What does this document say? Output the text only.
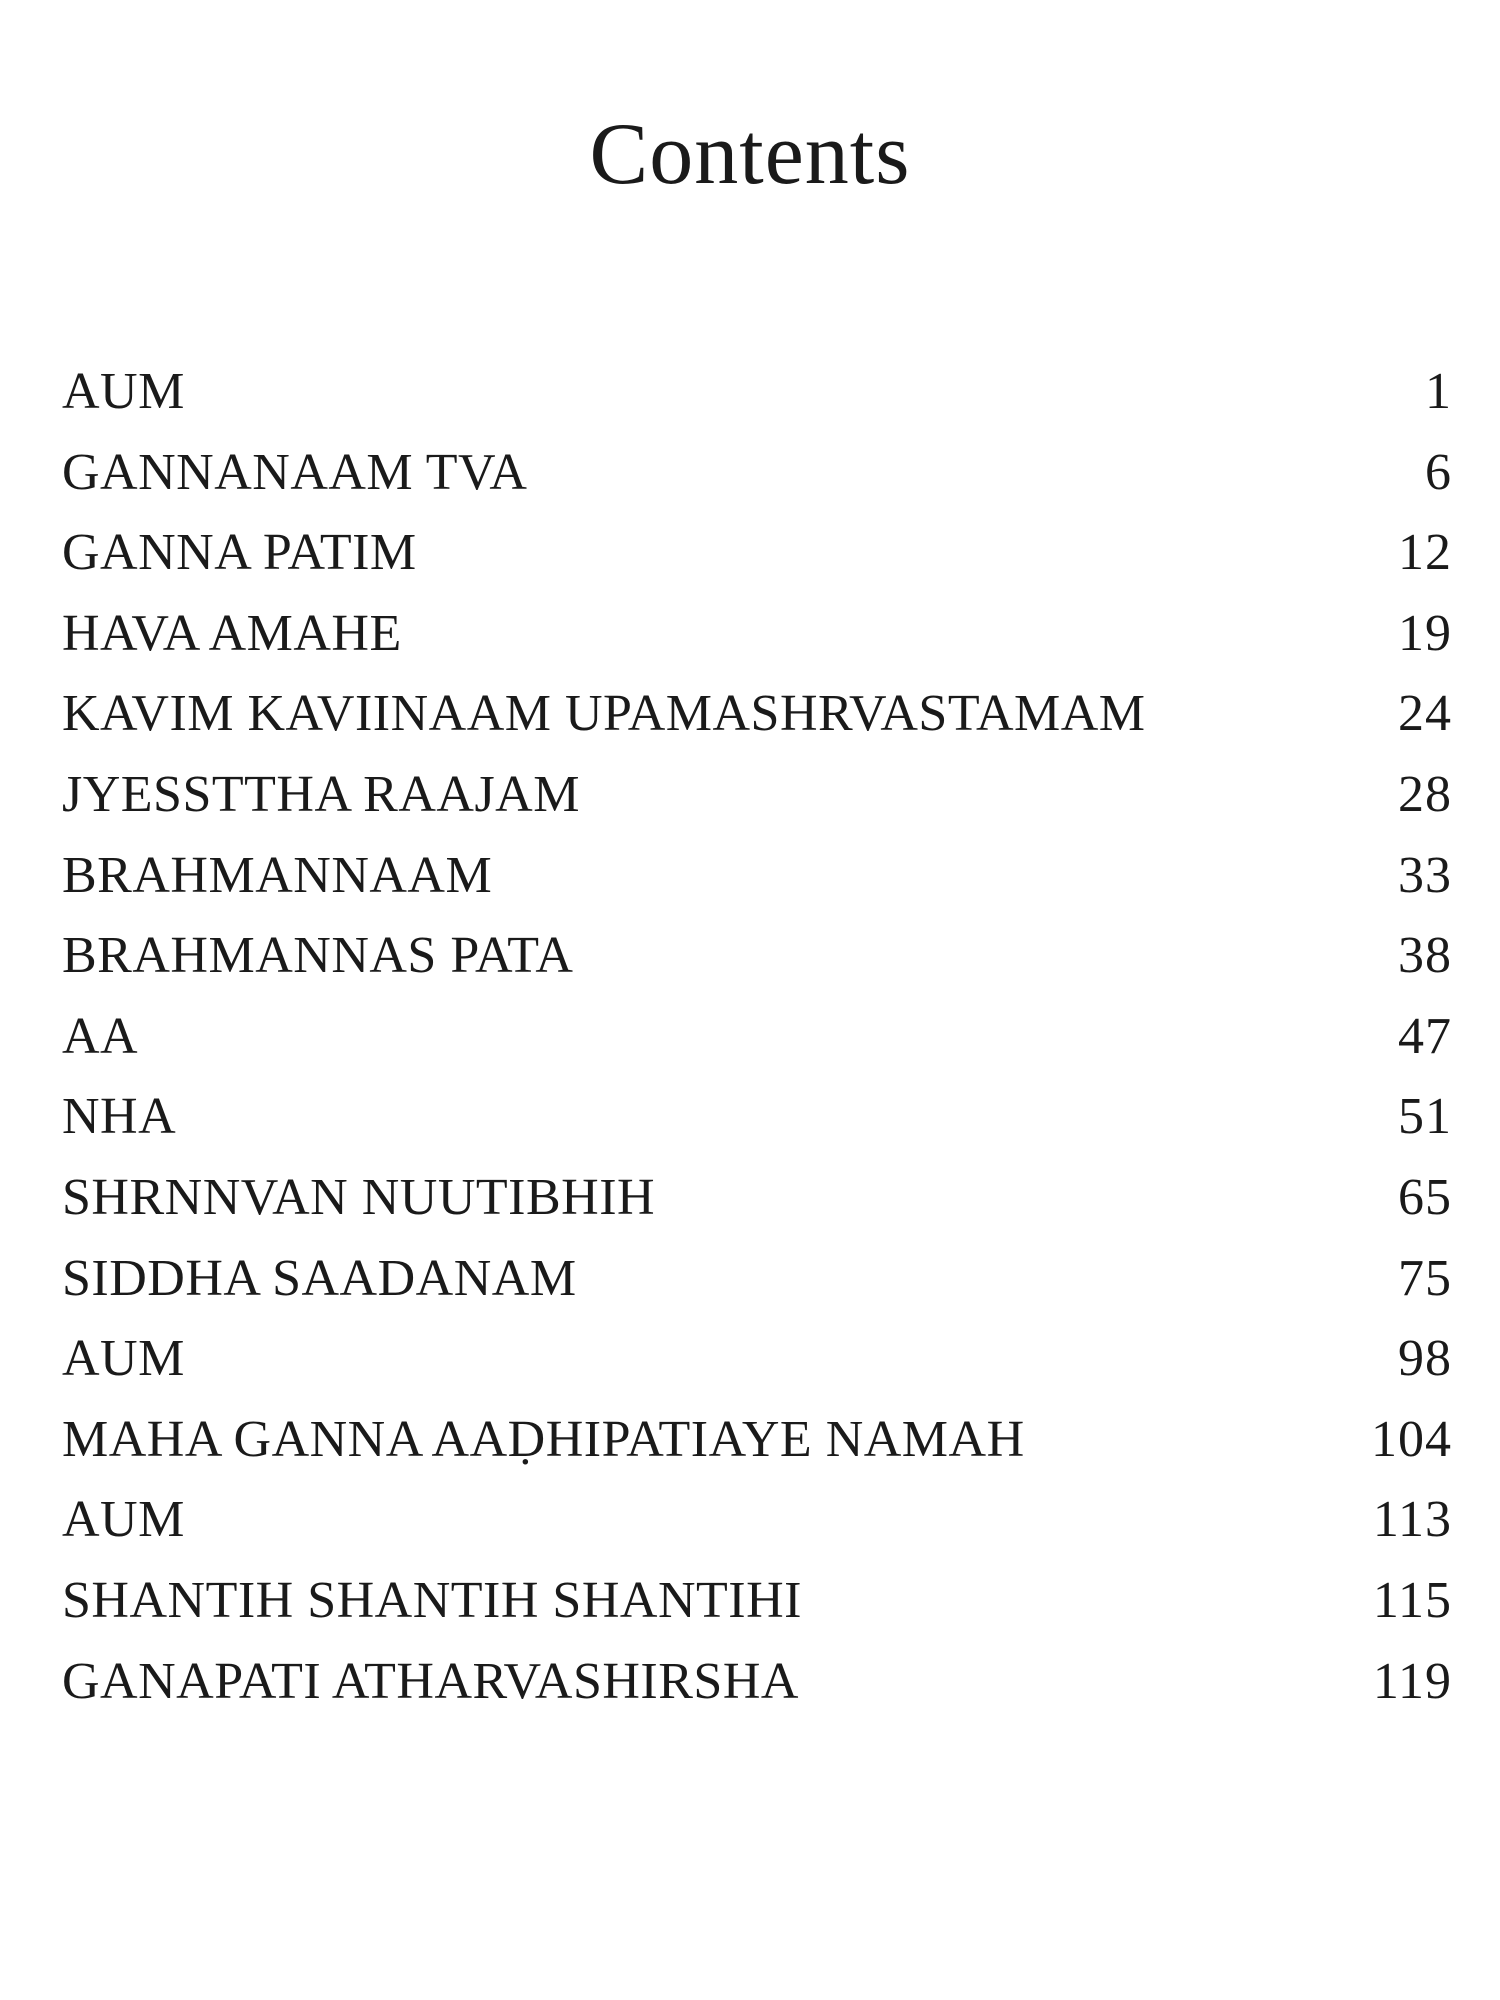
Contents
AUM	1
GANNANAAM TVA	6
GANNA PATIM	12
HAVA AMAHE	19
KAVIM KAVIINAAM UPAMASHRVASTAMAM	24
JYESSTTHA RAAJAM	28
BRAHMANNAAM	33
BRAHMANNAS PATA	38
AA	47
NHA	51
SHRNNVAN NUUTIBHIH	65
SIDDHA SAADANAM	75
AUM	98
MAHA GANNA AAḌHIPATIAYE NAMAH	104
AUM	113
SHANTIH SHANTIH SHANTIHI	115
GANAPATI ATHARVASHIRSHA	119
